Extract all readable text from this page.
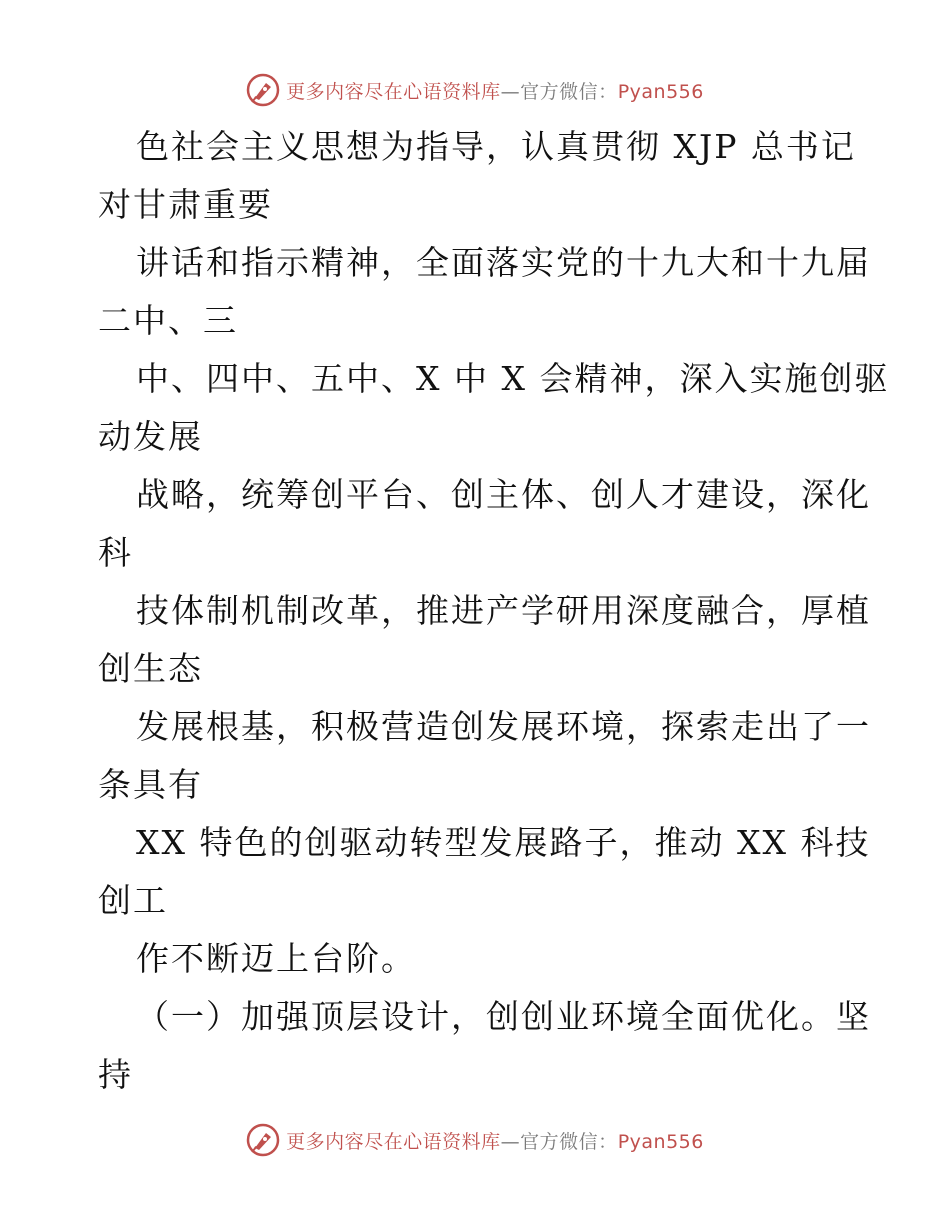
更多内容尽在心语资料库—官方微信：Pyan556
色社会主义思想为指导，认真贯彻 XJP 总书记
对甘肃重要
讲话和指示精神，全面落实党的十九大和十九届
二中、三
中、四中、五中、X 中 X 会精神，深入实施创驱
动发展
战略，统筹创平台、创主体、创人才建设，深化
科
技体制机制改革，推进产学研用深度融合，厚植
创生态
发展根基，积极营造创发展环境，探索走出了一
条具有
XX 特色的创驱动转型发展路子，推动 XX 科技
创工
作不断迈上台阶。
（一）加强顶层设计，创创业环境全面优化。坚
持
更多内容尽在心语资料库—官方微信：Pyan556
